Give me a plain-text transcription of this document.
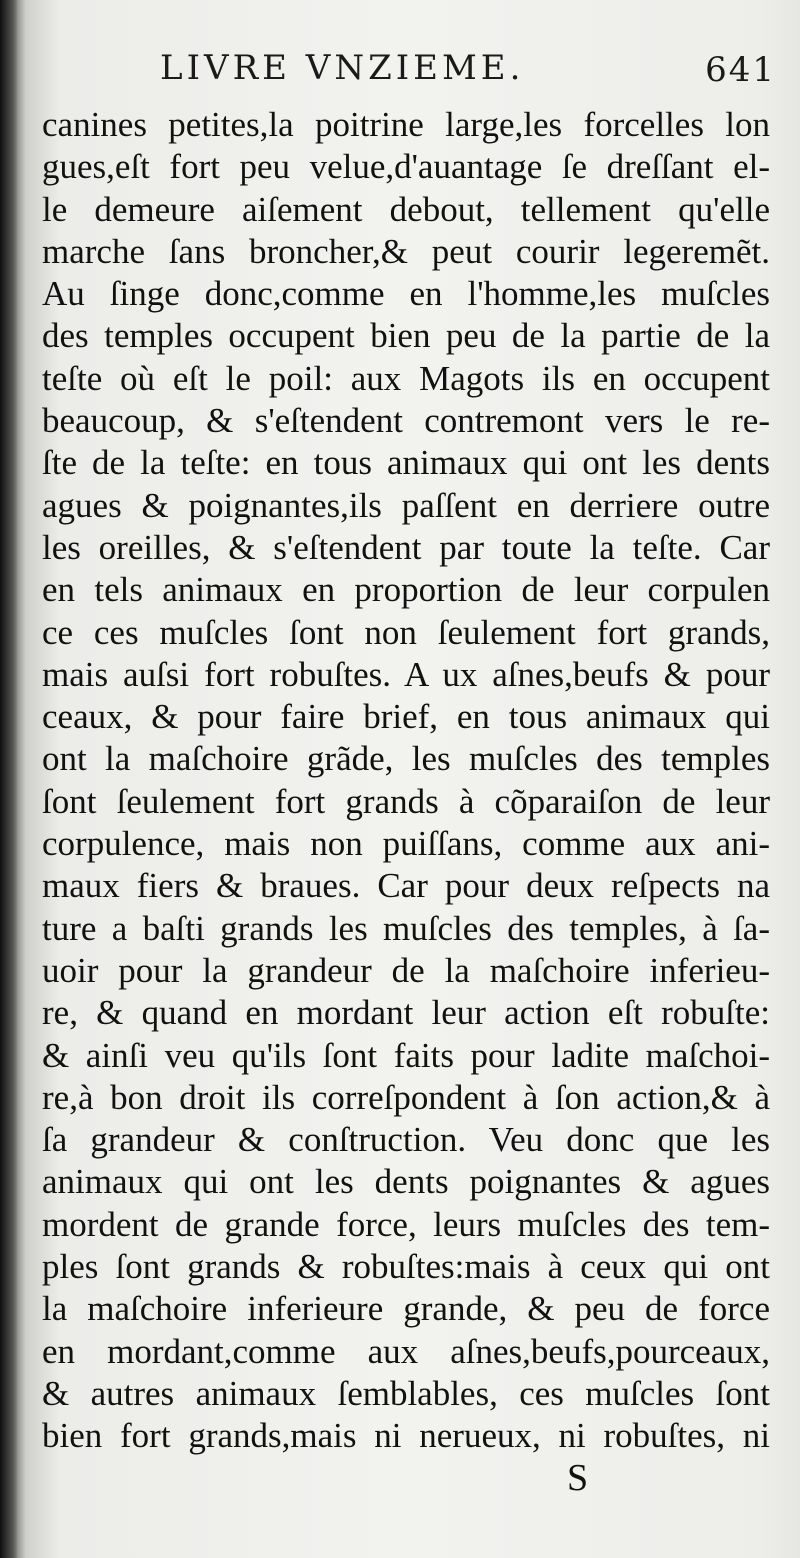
LIVRE VNZIEME.	641
canines petites,la poitrine large,les forcelles lon
gues,eſt fort peu velue,d'auantage ſe dreſſant el-
le demeure aiſement debout, tellement qu'elle
marche ſans broncher,& peut courir legeremẽt.
Au ſinge donc,comme en l'homme,les muſcles
des temples occupent bien peu de la partie de la
teſte où eſt le poil: aux Magots ils en occupent
beaucoup, & s'eſtendent contremont vers le re-
ſte de la teſte: en tous animaux qui ont les dents
agues & poignantes,ils paſſent en derriere outre
les oreilles, & s'eſtendent par toute la teſte. Car
en tels animaux en proportion de leur corpulen
ce ces muſcles ſont non ſeulement fort grands,
mais auſsi fort robuſtes. A ux aſnes,beufs & pour
ceaux, & pour faire brief, en tous animaux qui
ont la maſchoire grãde, les muſcles des temples
ſont ſeulement fort grands à cõparaiſon de leur
corpulence, mais non puiſſans, comme aux ani-
maux fiers & braues. Car pour deux reſpects na
ture a baſti grands les muſcles des temples, à ſa-
uoir pour la grandeur de la maſchoire inferieu-
re, & quand en mordant leur action eſt robuſte:
& ainſi veu qu'ils ſont faits pour ladite maſchoi-
re,à bon droit ils correſpondent à ſon action,& à
ſa grandeur & conſtruction. Veu donc que les
animaux qui ont les dents poignantes & agues
mordent de grande force, leurs muſcles des tem-
ples ſont grands & robuſtes:mais à ceux qui ont
la maſchoire inferieure grande, & peu de force
en mordant,comme aux aſnes,beufs,pourceaux,
& autres animaux ſemblables, ces muſcles ſont
bien fort grands,mais ni nerueux, ni robuſtes, ni
S
